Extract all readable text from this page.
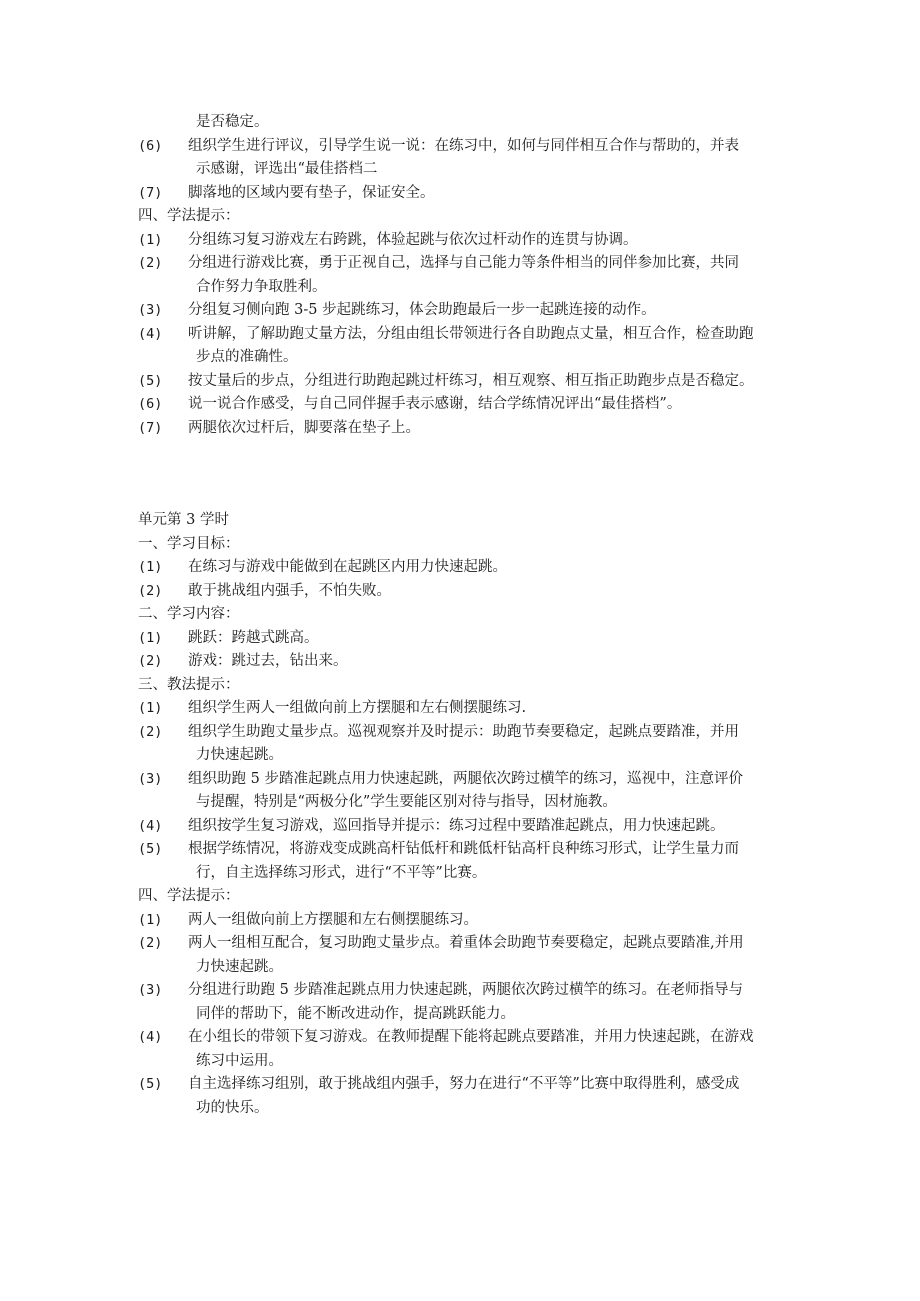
是否稳定。
(6)	组织学生进行评议，引导学生说一说：在练习中，如何与同伴相互合作与帮助的，并表
示感谢，评选出“最佳搭档二
(7)	脚落地的区域内要有垫子，保证安全。
四、学法提示：
(1)	分组练习复习游戏左右跨跳，体验起跳与依次过杆动作的连贯与协调。
(2)	分组进行游戏比赛，勇于正视自己，选择与自己能力等条件相当的同伴参加比赛，共同
合作努力争取胜利。
(3)	分组复习侧向跑 3-5 步起跳练习，体会助跑最后一步一起跳连接的动作。
(4)	听讲解，了解助跑丈量方法，分组由组长带领进行各自助跑点丈量，相互合作，检查助跑
步点的准确性。
(5)	按丈量后的步点，分组进行助跑起跳过杆练习，相互观察、相互指正助跑步点是否稳定。
(6)	说一说合作感受，与自己同伴握手表示感谢，结合学练情况评出“最佳搭档”。
(7)	两腿依次过杆后，脚要落在垫子上。
单元第 3 学时
一、学习目标：
(1)	在练习与游戏中能做到在起跳区内用力快速起跳。
(2)	敢于挑战组内强手，不怕失败。
二、学习内容：
(1)	跳跃：跨越式跳高。
(2)	游戏：跳过去，钻出来。
三、教法提示：
(1)	组织学生两人一组做向前上方摆腿和左右侧摆腿练习.
(2)	组织学生助跑丈量步点。巡视观察并及时提示：助跑节奏要稳定，起跳点要踏准，并用
力快速起跳。
(3)	组织助跑 5 步踏准起跳点用力快速起跳，两腿依次跨过横竿的练习，巡视中，注意评价
与提醒，特别是“两极分化”学生要能区别对待与指导，因材施教。
(4)	组织按学生复习游戏，巡回指导并提示：练习过程中要踏准起跳点，用力快速起跳。
(5)	根据学练情况，将游戏变成跳高杆钻低杆和跳低杆钻高杆良种练习形式，让学生量力而
行，自主选择练习形式，进行“不平等”比赛。
四、学法提示：
(1)	两人一组做向前上方摆腿和左右侧摆腿练习。
(2)	两人一组相互配合，复习助跑丈量步点。着重体会助跑节奏要稳定，起跳点要踏准,并用
力快速起跳。
(3)	分组进行助跑 5 步踏准起跳点用力快速起跳，两腿依次跨过横竿的练习。在老师指导与
同伴的帮助下，能不断改进动作，提高跳跃能力。
(4)	在小组长的带领下复习游戏。在教师提醒下能将起跳点要踏准，并用力快速起跳，在游戏
练习中运用。
(5)	自主选择练习组别，敢于挑战组内强手，努力在进行“不平等”比赛中取得胜利，感受成
功的快乐。
